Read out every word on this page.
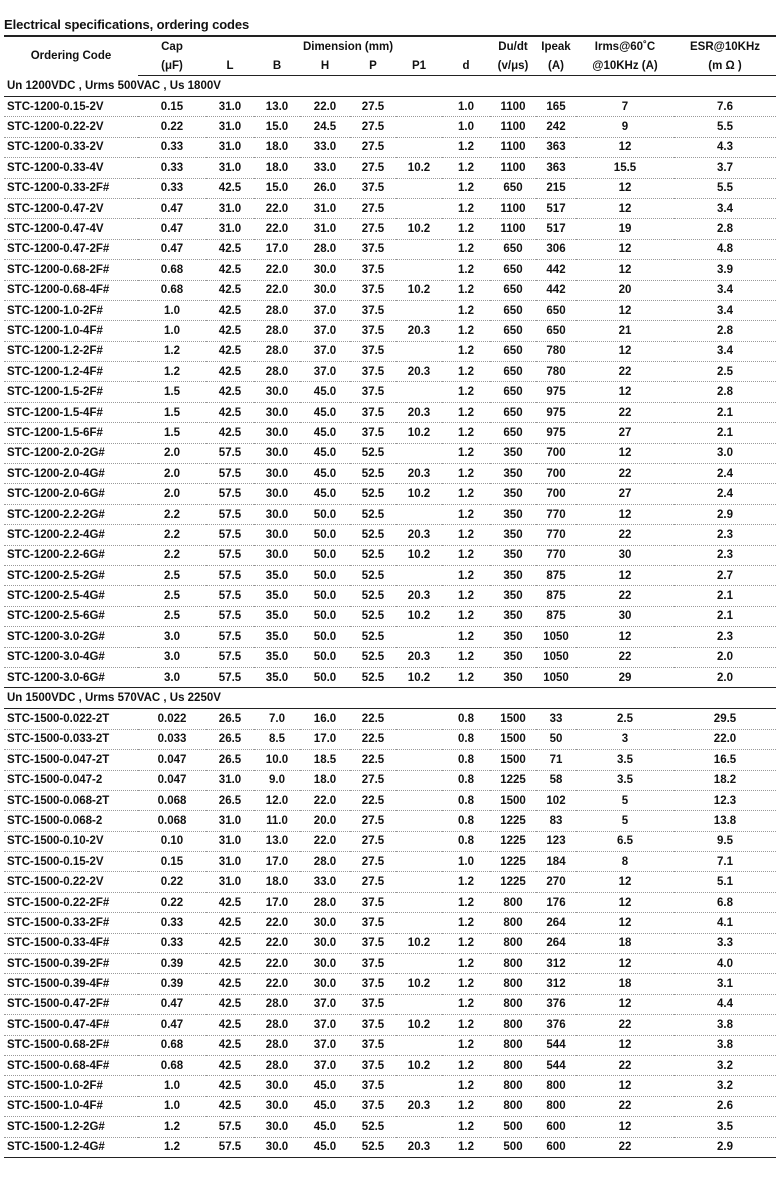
Electrical specifications, ordering codes
Ordering Code	Cap	Dimension (mm)						Du/dt	Ipeak	Irms@60˚C	ESR@10KHz
	(μF)	L	B	H	P	P1	d	(v/μs)	(A)	@10KHz (A)	(m Ω )
Un 1200VDC , Urms 500VAC , Us 1800V											
STC-1200-0.15-2V	0.15	31.0	13.0	22.0	27.5		1.0	1100	165	7	7.6
STC-1200-0.22-2V	0.22	31.0	15.0	24.5	27.5		1.0	1100	242	9	5.5
STC-1200-0.33-2V	0.33	31.0	18.0	33.0	27.5		1.2	1100	363	12	4.3
STC-1200-0.33-4V	0.33	31.0	18.0	33.0	27.5	10.2	1.2	1100	363	15.5	3.7
STC-1200-0.33-2F#	0.33	42.5	15.0	26.0	37.5		1.2	650	215	12	5.5
STC-1200-0.47-2V	0.47	31.0	22.0	31.0	27.5		1.2	1100	517	12	3.4
STC-1200-0.47-4V	0.47	31.0	22.0	31.0	27.5	10.2	1.2	1100	517	19	2.8
STC-1200-0.47-2F#	0.47	42.5	17.0	28.0	37.5		1.2	650	306	12	4.8
STC-1200-0.68-2F#	0.68	42.5	22.0	30.0	37.5		1.2	650	442	12	3.9
STC-1200-0.68-4F#	0.68	42.5	22.0	30.0	37.5	10.2	1.2	650	442	20	3.4
STC-1200-1.0-2F#	1.0	42.5	28.0	37.0	37.5		1.2	650	650	12	3.4
STC-1200-1.0-4F#	1.0	42.5	28.0	37.0	37.5	20.3	1.2	650	650	21	2.8
STC-1200-1.2-2F#	1.2	42.5	28.0	37.0	37.5		1.2	650	780	12	3.4
STC-1200-1.2-4F#	1.2	42.5	28.0	37.0	37.5	20.3	1.2	650	780	22	2.5
STC-1200-1.5-2F#	1.5	42.5	30.0	45.0	37.5		1.2	650	975	12	2.8
STC-1200-1.5-4F#	1.5	42.5	30.0	45.0	37.5	20.3	1.2	650	975	22	2.1
STC-1200-1.5-6F#	1.5	42.5	30.0	45.0	37.5	10.2	1.2	650	975	27	2.1
STC-1200-2.0-2G#	2.0	57.5	30.0	45.0	52.5		1.2	350	700	12	3.0
STC-1200-2.0-4G#	2.0	57.5	30.0	45.0	52.5	20.3	1.2	350	700	22	2.4
STC-1200-2.0-6G#	2.0	57.5	30.0	45.0	52.5	10.2	1.2	350	700	27	2.4
STC-1200-2.2-2G#	2.2	57.5	30.0	50.0	52.5		1.2	350	770	12	2.9
STC-1200-2.2-4G#	2.2	57.5	30.0	50.0	52.5	20.3	1.2	350	770	22	2.3
STC-1200-2.2-6G#	2.2	57.5	30.0	50.0	52.5	10.2	1.2	350	770	30	2.3
STC-1200-2.5-2G#	2.5	57.5	35.0	50.0	52.5		1.2	350	875	12	2.7
STC-1200-2.5-4G#	2.5	57.5	35.0	50.0	52.5	20.3	1.2	350	875	22	2.1
STC-1200-2.5-6G#	2.5	57.5	35.0	50.0	52.5	10.2	1.2	350	875	30	2.1
STC-1200-3.0-2G#	3.0	57.5	35.0	50.0	52.5		1.2	350	1050	12	2.3
STC-1200-3.0-4G#	3.0	57.5	35.0	50.0	52.5	20.3	1.2	350	1050	22	2.0
STC-1200-3.0-6G#	3.0	57.5	35.0	50.0	52.5	10.2	1.2	350	1050	29	2.0
Un 1500VDC , Urms 570VAC , Us 2250V											
STC-1500-0.022-2T	0.022	26.5	7.0	16.0	22.5		0.8	1500	33	2.5	29.5
STC-1500-0.033-2T	0.033	26.5	8.5	17.0	22.5		0.8	1500	50	3	22.0
STC-1500-0.047-2T	0.047	26.5	10.0	18.5	22.5		0.8	1500	71	3.5	16.5
STC-1500-0.047-2	0.047	31.0	9.0	18.0	27.5		0.8	1225	58	3.5	18.2
STC-1500-0.068-2T	0.068	26.5	12.0	22.0	22.5		0.8	1500	102	5	12.3
STC-1500-0.068-2	0.068	31.0	11.0	20.0	27.5		0.8	1225	83	5	13.8
STC-1500-0.10-2V	0.10	31.0	13.0	22.0	27.5		0.8	1225	123	6.5	9.5
STC-1500-0.15-2V	0.15	31.0	17.0	28.0	27.5		1.0	1225	184	8	7.1
STC-1500-0.22-2V	0.22	31.0	18.0	33.0	27.5		1.2	1225	270	12	5.1
STC-1500-0.22-2F#	0.22	42.5	17.0	28.0	37.5		1.2	800	176	12	6.8
STC-1500-0.33-2F#	0.33	42.5	22.0	30.0	37.5		1.2	800	264	12	4.1
STC-1500-0.33-4F#	0.33	42.5	22.0	30.0	37.5	10.2	1.2	800	264	18	3.3
STC-1500-0.39-2F#	0.39	42.5	22.0	30.0	37.5		1.2	800	312	12	4.0
STC-1500-0.39-4F#	0.39	42.5	22.0	30.0	37.5	10.2	1.2	800	312	18	3.1
STC-1500-0.47-2F#	0.47	42.5	28.0	37.0	37.5		1.2	800	376	12	4.4
STC-1500-0.47-4F#	0.47	42.5	28.0	37.0	37.5	10.2	1.2	800	376	22	3.8
STC-1500-0.68-2F#	0.68	42.5	28.0	37.0	37.5		1.2	800	544	12	3.8
STC-1500-0.68-4F#	0.68	42.5	28.0	37.0	37.5	10.2	1.2	800	544	22	3.2
STC-1500-1.0-2F#	1.0	42.5	30.0	45.0	37.5		1.2	800	800	12	3.2
STC-1500-1.0-4F#	1.0	42.5	30.0	45.0	37.5	20.3	1.2	800	800	22	2.6
STC-1500-1.2-2G#	1.2	57.5	30.0	45.0	52.5		1.2	500	600	12	3.5
STC-1500-1.2-4G#	1.2	57.5	30.0	45.0	52.5	20.3	1.2	500	600	22	2.9
